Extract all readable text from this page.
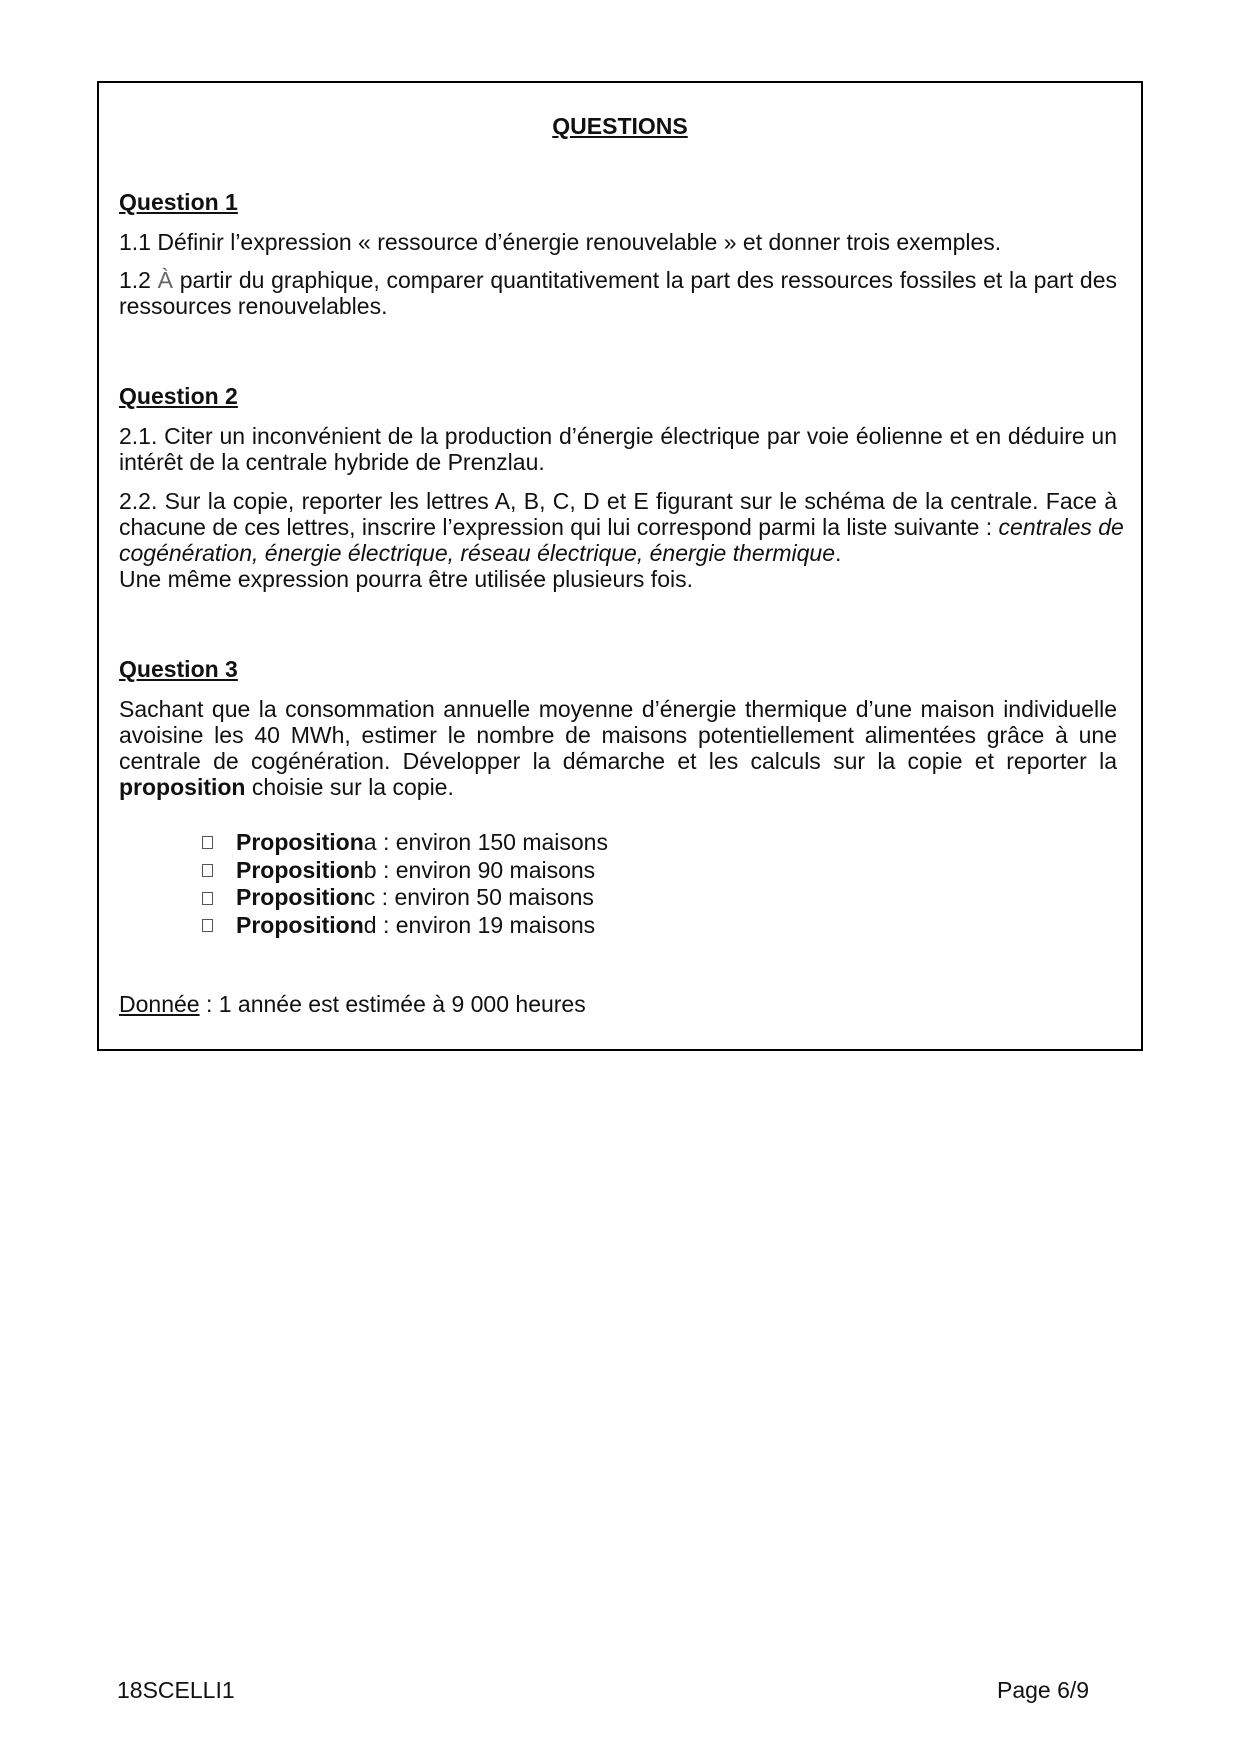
QUESTIONS
Question 1
1.1 Définir l’expression « ressource d’énergie renouvelable » et donner trois exemples.
1.2 À partir du graphique, comparer quantitativement la part des ressources fossiles et la part des
ressources renouvelables.
Question 2
2.1. Citer un inconvénient de la production d’énergie électrique par voie éolienne et en déduire un
intérêt de la centrale hybride de Prenzlau.
2.2. Sur la copie, reporter les lettres A, B, C, D et E figurant sur le schéma de la centrale. Face à
chacune de ces lettres, inscrire l’expression qui lui correspond parmi la liste suivante : centrales de
cogénération, énergie électrique, réseau électrique, énergie thermique.
Une même expression pourra être utilisée plusieurs fois.
Question 3
Sachant que la consommation annuelle moyenne d’énergie thermique d’une maison individuelle
avoisine les 40 MWh, estimer le nombre de maisons potentiellement alimentées grâce à une
centrale de cogénération. Développer la démarche et les calculs sur la copie et reporter la
proposition choisie sur la copie.
Proposition a : environ 150 maisons
Proposition b : environ 90 maisons
Proposition c : environ 50 maisons
Proposition d : environ 19 maisons
Donnée : 1 année est estimée à 9 000 heures
18SCELLI1	Page 6/9
